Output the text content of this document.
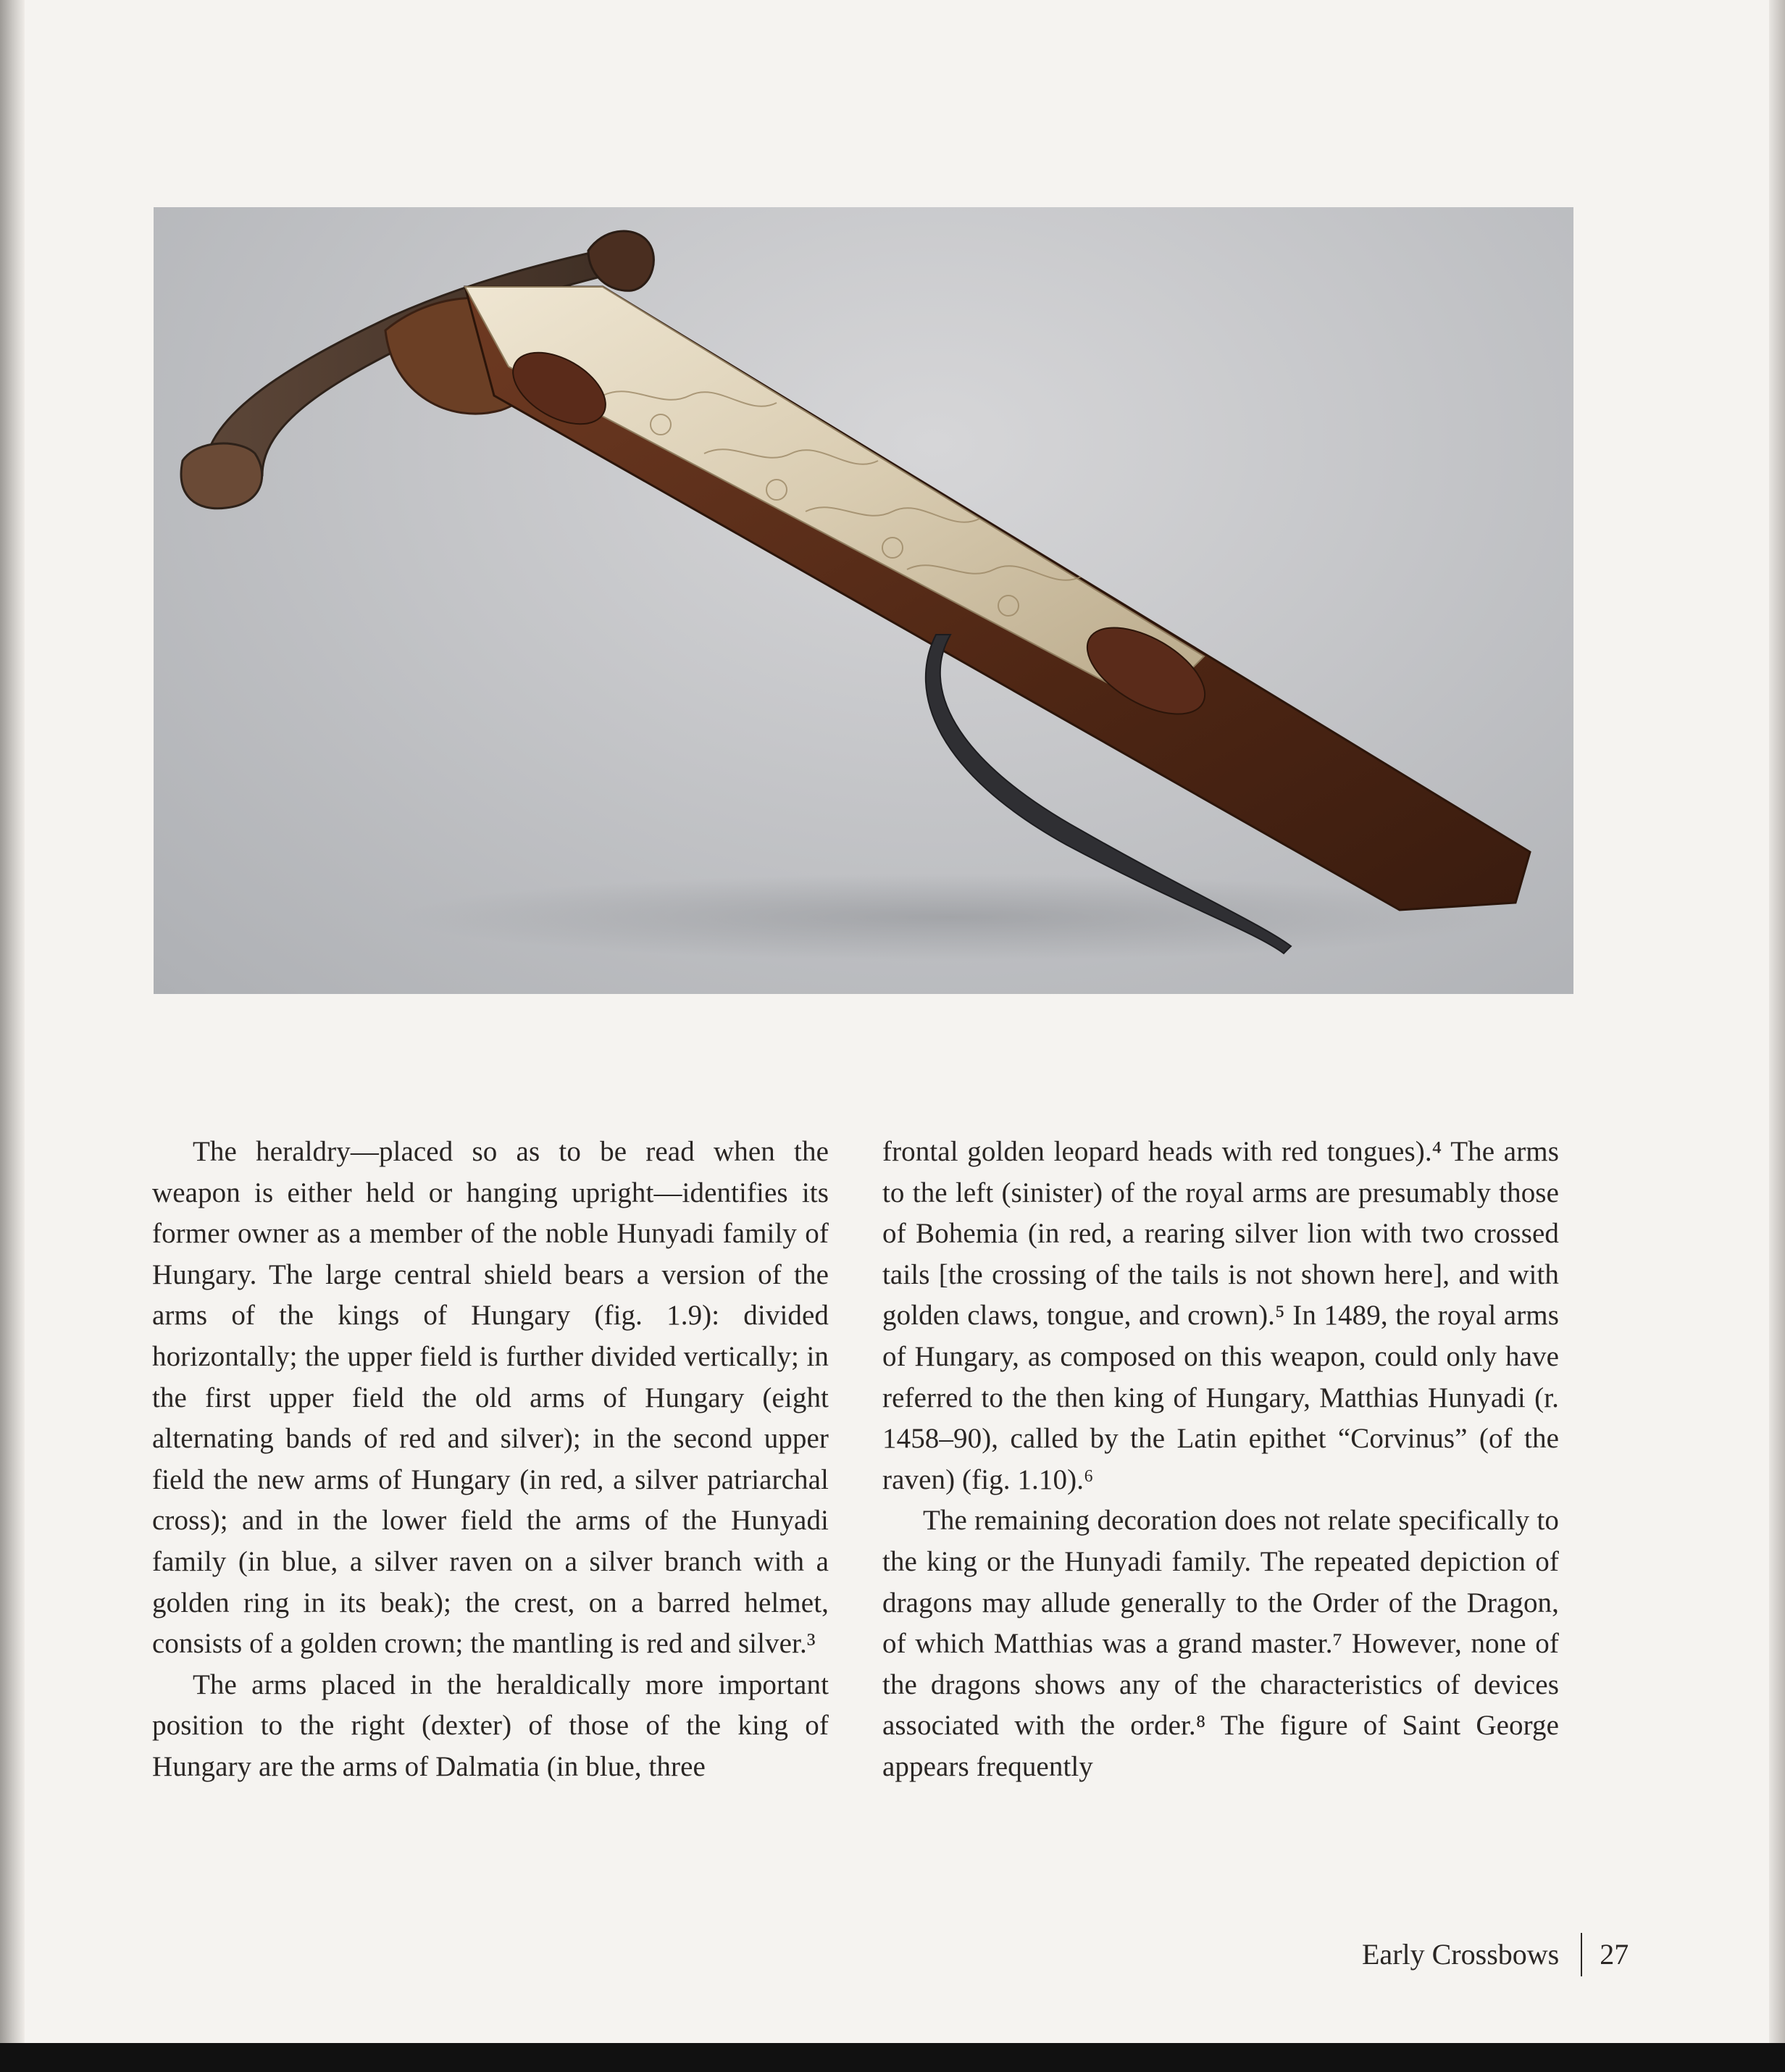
The heraldry—placed so as to be read when the weapon is either held or hanging upright—identifies its former owner as a member of the noble Hunyadi family of Hungary. The large central shield bears a version of the arms of the kings of Hungary (fig. 1.9): divided horizontally; the upper field is further divided vertically; in the first upper field the old arms of Hungary (eight alternating bands of red and silver); in the second upper field the new arms of Hungary (in red, a silver patriarchal cross); and in the lower field the arms of the Hunyadi family (in blue, a silver raven on a silver branch with a golden ring in its beak); the crest, on a barred helmet, consists of a golden crown; the mantling is red and silver.³

The arms placed in the heraldically more important position to the right (dexter) of those of the king of Hungary are the arms of Dalmatia (in blue, three

frontal golden leopard heads with red tongues).⁴ The arms to the left (sinister) of the royal arms are presumably those of Bohemia (in red, a rearing silver lion with two crossed tails [the crossing of the tails is not shown here], and with golden claws, tongue, and crown).⁵ In 1489, the royal arms of Hungary, as composed on this weapon, could only have referred to the then king of Hungary, Matthias Hunyadi (r. 1458–90), called by the Latin epithet “Corvinus” (of the raven) (fig. 1.10).⁶

The remaining decoration does not relate specifically to the king or the Hunyadi family. The repeated depiction of dragons may allude generally to the Order of the Dragon, of which Matthias was a grand master.⁷ However, none of the dragons shows any of the characteristics of devices associated with the order.⁸ The figure of Saint George appears frequently

Early Crossbows 27
